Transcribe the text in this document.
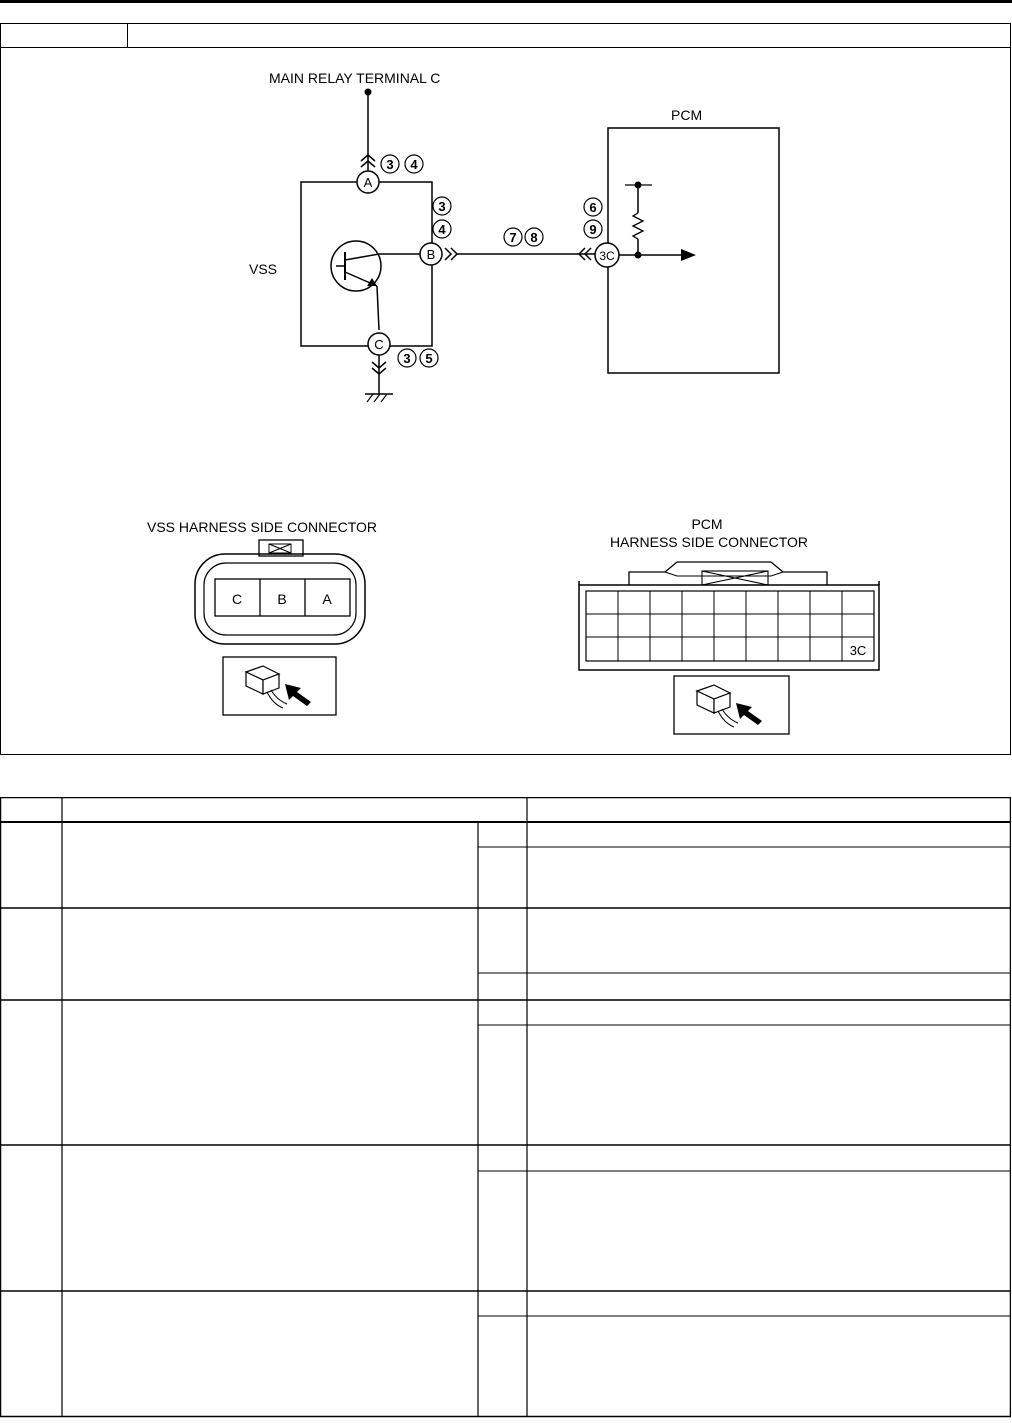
MAIN RELAY TERMINAL C
3 4
VSS
A
3
4
B
7 8
6
9
PCM
3C
C
3 5
VSS HARNESS SIDE CONNECTOR
C	B	A
PCM
HARNESS SIDE CONNECTOR
3C
